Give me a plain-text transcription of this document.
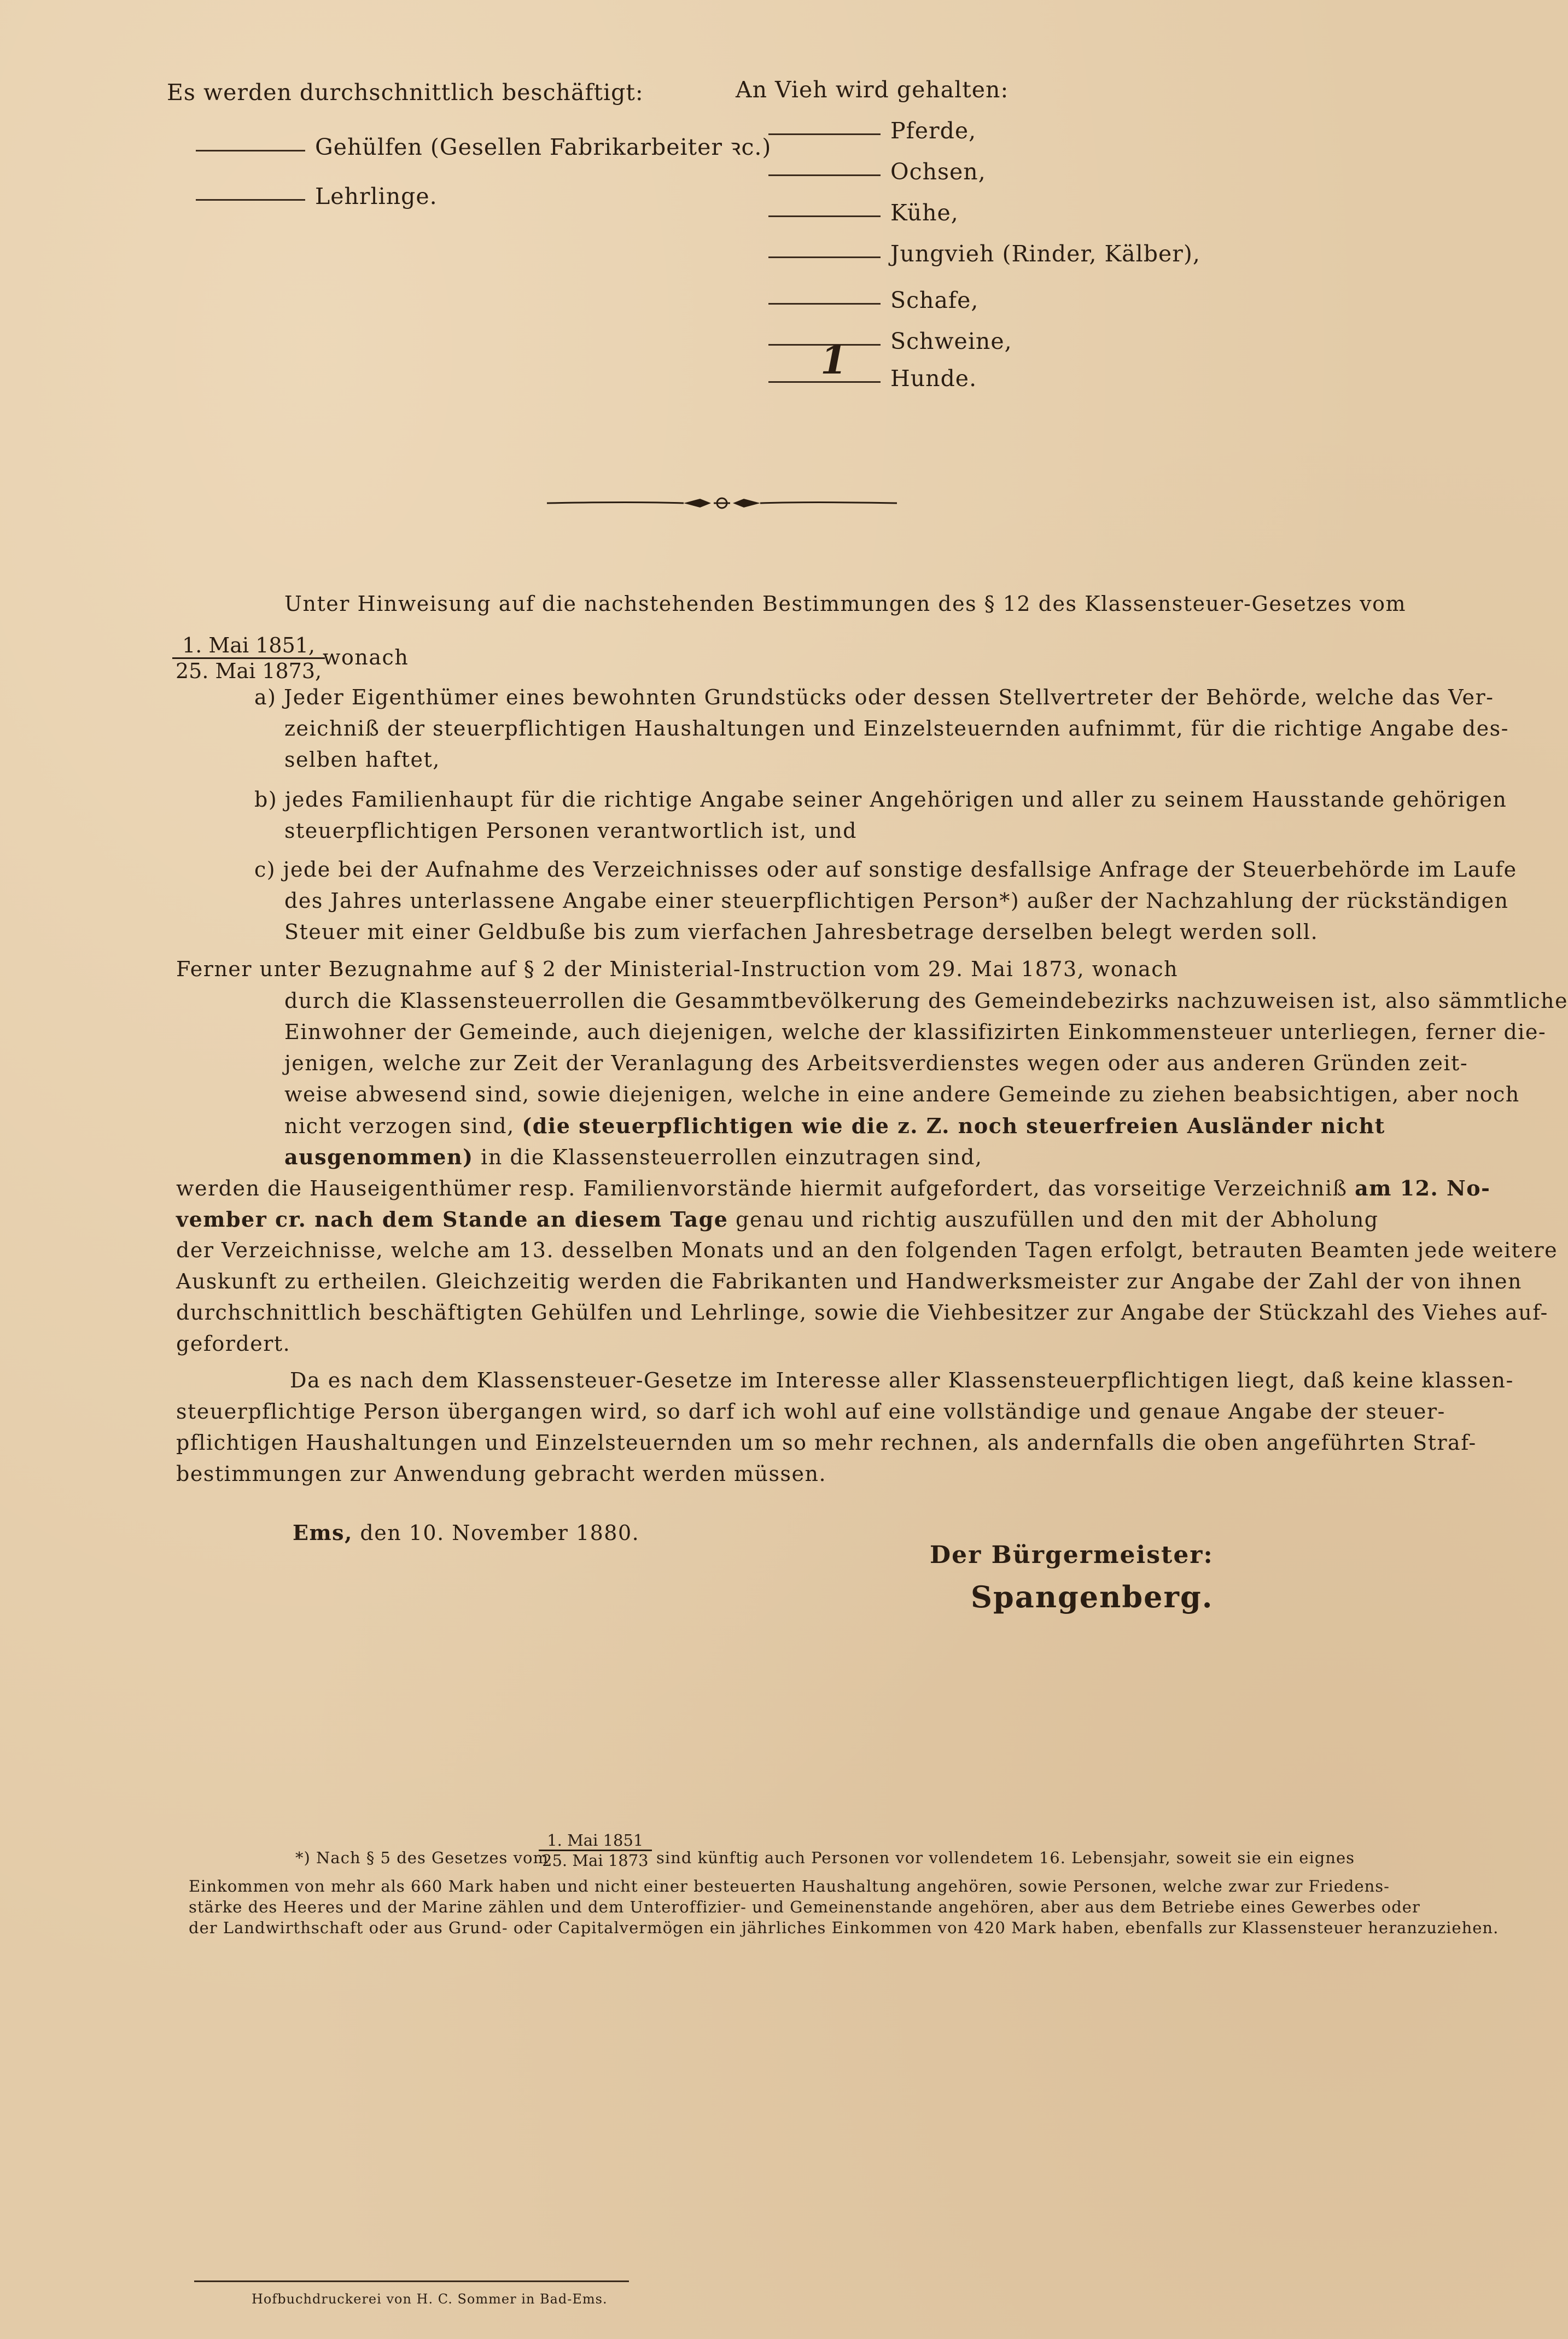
Es werden durchschnittlich beschäftigt:
Gehülfen (Gesellen Fabrikarbeiter ꝛc.)
Lehrlinge.
An Vieh wird gehalten:
Pferde,
Ochsen,
Kühe,
Jungvieh (Rinder, Kälber),
Schafe,
Schweine,
1 Hunde.
Unter Hinweisung auf die nachstehenden Bestimmungen des § 12 des Klassensteuer-Gesetzes vom
1. Mai 1851,
25. Mai 1873,
wonach
a) Jeder Eigenthümer eines bewohnten Grundstücks oder dessen Stellvertreter der Behörde, welche das Ver-
zeichniß der steuerpflichtigen Haushaltungen und Einzelsteuernden aufnimmt, für die richtige Angabe des-
selben haftet,
b) jedes Familienhaupt für die richtige Angabe seiner Angehörigen und aller zu seinem Hausstande gehörigen
steuerpflichtigen Personen verantwortlich ist, und
c) jede bei der Aufnahme des Verzeichnisses oder auf sonstige desfallsige Anfrage der Steuerbehörde im Laufe
des Jahres unterlassene Angabe einer steuerpflichtigen Person*) außer der Nachzahlung der rückständigen
Steuer mit einer Geldbuße bis zum vierfachen Jahresbetrage derselben belegt werden soll.
Ferner unter Bezugnahme auf § 2 der Ministerial-Instruction vom 29. Mai 1873, wonach
durch die Klassensteuerrollen die Gesammtbevölkerung des Gemeindebezirks nachzuweisen ist, also sämmtliche
Einwohner der Gemeinde, auch diejenigen, welche der klassifizirten Einkommensteuer unterliegen, ferner die-
jenigen, welche zur Zeit der Veranlagung des Arbeitsverdienstes wegen oder aus anderen Gründen zeit-
weise abwesend sind, sowie diejenigen, welche in eine andere Gemeinde zu ziehen beabsichtigen, aber noch
nicht verzogen sind, (die steuerpflichtigen wie die z. Z. noch steuerfreien Ausländer nicht
ausgenommen) in die Klassensteuerrollen einzutragen sind,
werden die Hauseigenthümer resp. Familienvorstände hiermit aufgefordert, das vorseitige Verzeichniß am 12. No-
vember cr. nach dem Stande an diesem Tage genau und richtig auszufüllen und den mit der Abholung
der Verzeichnisse, welche am 13. desselben Monats und an den folgenden Tagen erfolgt, betrauten Beamten jede weitere
Auskunft zu ertheilen. Gleichzeitig werden die Fabrikanten und Handwerksmeister zur Angabe der Zahl der von ihnen
durchschnittlich beschäftigten Gehülfen und Lehrlinge, sowie die Viehbesitzer zur Angabe der Stückzahl des Viehes auf-
gefordert.
Da es nach dem Klassensteuer-Gesetze im Interesse aller Klassensteuerpflichtigen liegt, daß keine klassen-
steuerpflichtige Person übergangen wird, so darf ich wohl auf eine vollständige und genaue Angabe der steuer-
pflichtigen Haushaltungen und Einzelsteuernden um so mehr rechnen, als andernfalls die oben angeführten Straf-
bestimmungen zur Anwendung gebracht werden müssen.
Ems, den 10. November 1880.
Der Bürgermeister:
Spangenberg.
*) Nach § 5 des Gesetzes vom
1. Mai 1851
25. Mai 1873 sind künftig auch Personen vor vollendetem 16. Lebensjahr, soweit sie ein eignes
Einkommen von mehr als 660 Mark haben und nicht einer besteuerten Haushaltung angehören, sowie Personen, welche zwar zur Friedens-
stärke des Heeres und der Marine zählen und dem Unteroffizier- und Gemeinenstande angehören, aber aus dem Betriebe eines Gewerbes oder
der Landwirthschaft oder aus Grund- oder Capitalvermögen ein jährliches Einkommen von 420 Mark haben, ebenfalls zur Klassensteuer heranzuziehen.
Hofbuchdruckerei von H. C. Sommer in Bad-Ems.
